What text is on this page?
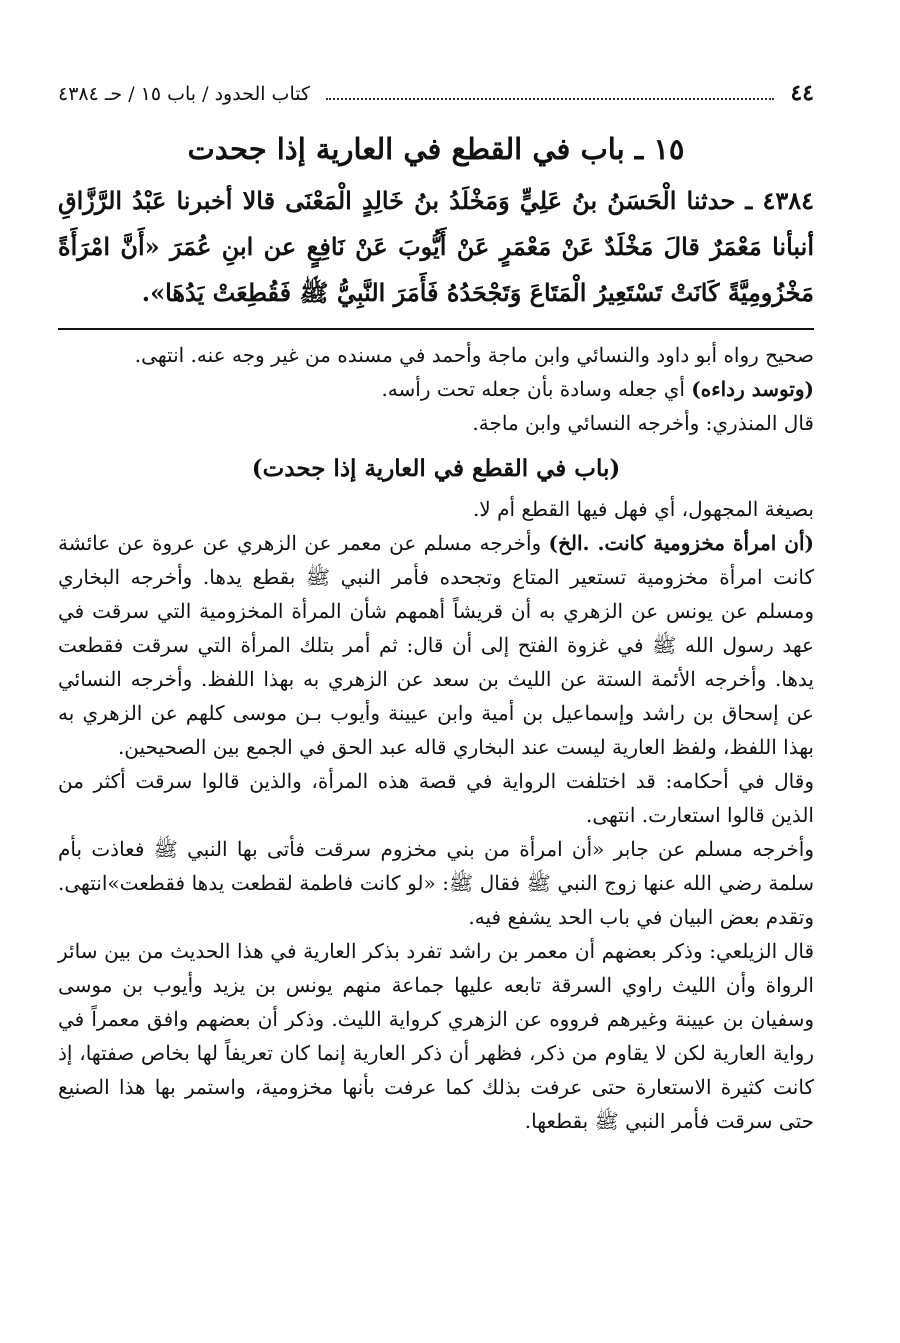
٤٤
كتاب الحدود / باب ١٥ / حـ ٤٣٨٤
١٥ ـ باب في القطع في العارية إذا جحدت
٤٣٨٤ ـ حدثنا الْحَسَنُ بنُ عَلِيٍّ وَمَخْلَدُ بنُ خَالِدٍ الْمَعْنَى قالا أخبرنا عَبْدُ الرَّزَّاقِ أنبأنا مَعْمَرٌ قالَ مَخْلَدٌ عَنْ مَعْمَرٍ عَنْ أَيُّوبَ عَنْ نَافِعٍ عن ابنِ عُمَرَ «أَنَّ امْرَأَةً مَخْزُومِيَّةً كَانَتْ تَسْتَعِيرُ الْمَتَاعَ وَتَجْحَدُهُ فَأَمَرَ النَّبِيُّ ﷺ فَقُطِعَتْ يَدُهَا».

صحيح رواه أبو داود والنسائي وابن ماجة وأحمد في مسنده من غير وجه عنه. انتهى.

(وتوسد رداءه) أي جعله وسادة بأن جعله تحت رأسه.

قال المنذري: وأخرجه النسائي وابن ماجة.

(باب في القطع في العارية إذا جحدت)

بصيغة المجهول، أي فهل فيها القطع أم لا.

(أن امرأة مخزومية كانت. .الخ) وأخرجه مسلم عن معمر عن الزهري عن عروة عن عائشة كانت امرأة مخزومية تستعير المتاع وتجحده فأمر النبي ﷺ بقطع يدها. وأخرجه البخاري ومسلم عن يونس عن الزهري به أن قريشاً أهمهم شأن المرأة المخزومية التي سرقت في عهد رسول الله ﷺ في غزوة الفتح إلى أن قال: ثم أمر بتلك المرأة التي سرقت فقطعت يدها. وأخرجه الأئمة الستة عن الليث بن سعد عن الزهري به بهذا اللفظ. وأخرجه النسائي عن إسحاق بن راشد وإسماعيل بن أمية وابن عيينة وأيوب بـن موسى كلهم عن الزهري به بهذا اللفظ، ولفظ العارية ليست عند البخاري قاله عبد الحق في الجمع بين الصحيحين.

وقال في أحكامه: قد اختلفت الرواية في قصة هذه المرأة، والذين قالوا سرقت أكثر من الذين قالوا استعارت. انتهى.

وأخرجه مسلم عن جابر «أن امرأة من بني مخزوم سرقت فأتى بها النبي ﷺ فعاذت بأم سلمة رضي الله عنها زوج النبي ﷺ فقال ﷺ: «لو كانت فاطمة لقطعت يدها فقطعت»انتهى. وتقدم بعض البيان في باب الحد يشفع فيه.

قال الزيلعي: وذكر بعضهم أن معمر بن راشد تفرد بذكر العارية في هذا الحديث من بين سائر الرواة وأن الليث راوي السرقة تابعه عليها جماعة منهم يونس بن يزيد وأيوب بن موسى وسفيان بن عيينة وغيرهم فرووه عن الزهري كرواية الليث. وذكر أن بعضهم وافق معمراً في رواية العارية لكن لا يقاوم من ذكر، فظهر أن ذكر العارية إنما كان تعريفاً لها بخاص صفتها، إذ كانت كثيرة الاستعارة حتى عرفت بذلك كما عرفت بأنها مخزومية، واستمر بها هذا الصنيع حتى سرقت فأمر النبي ﷺ بقطعها.
